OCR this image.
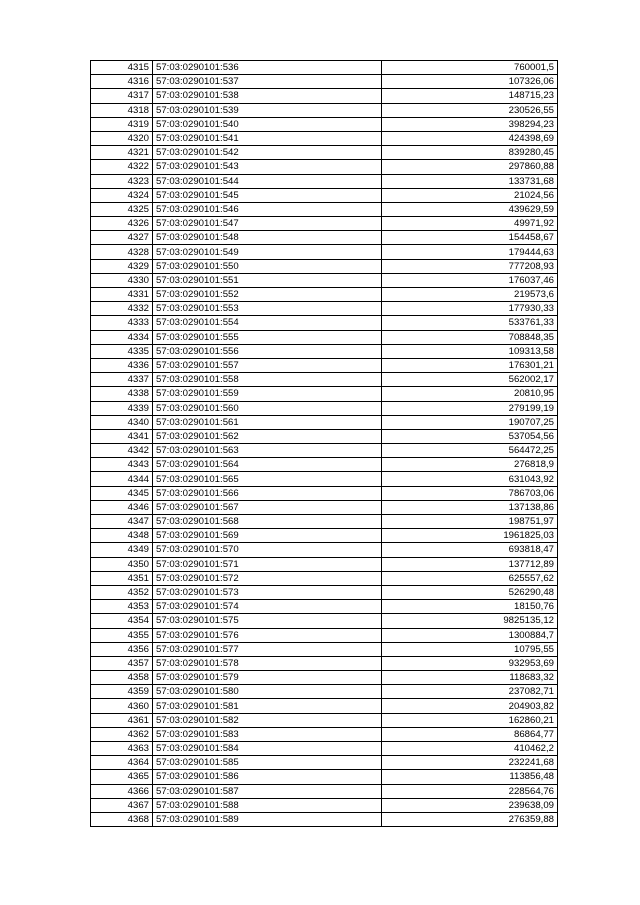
4315	57:03:0290101:536	760001,5
4316	57:03:0290101:537	107326,06
4317	57:03:0290101:538	148715,23
4318	57:03:0290101:539	230526,55
4319	57:03:0290101:540	398294,23
4320	57:03:0290101:541	424398,69
4321	57:03:0290101:542	839280,45
4322	57:03:0290101:543	297860,88
4323	57:03:0290101:544	133731,68
4324	57:03:0290101:545	21024,56
4325	57:03:0290101:546	439629,59
4326	57:03:0290101:547	49971,92
4327	57:03:0290101:548	154458,67
4328	57:03:0290101:549	179444,63
4329	57:03:0290101:550	777208,93
4330	57:03:0290101:551	176037,46
4331	57:03:0290101:552	219573,6
4332	57:03:0290101:553	177930,33
4333	57:03:0290101:554	533761,33
4334	57:03:0290101:555	708848,35
4335	57:03:0290101:556	109313,58
4336	57:03:0290101:557	176301,21
4337	57:03:0290101:558	562002,17
4338	57:03:0290101:559	20810,95
4339	57:03:0290101:560	279199,19
4340	57:03:0290101:561	190707,25
4341	57:03:0290101:562	537054,56
4342	57:03:0290101:563	564472,25
4343	57:03:0290101:564	276818,9
4344	57:03:0290101:565	631043,92
4345	57:03:0290101:566	786703,06
4346	57:03:0290101:567	137138,86
4347	57:03:0290101:568	198751,97
4348	57:03:0290101:569	1961825,03
4349	57:03:0290101:570	693818,47
4350	57:03:0290101:571	137712,89
4351	57:03:0290101:572	625557,62
4352	57:03:0290101:573	526290,48
4353	57:03:0290101:574	18150,76
4354	57:03:0290101:575	9825135,12
4355	57:03:0290101:576	1300884,7
4356	57:03:0290101:577	10795,55
4357	57:03:0290101:578	932953,69
4358	57:03:0290101:579	118683,32
4359	57:03:0290101:580	237082,71
4360	57:03:0290101:581	204903,82
4361	57:03:0290101:582	162860,21
4362	57:03:0290101:583	86864,77
4363	57:03:0290101:584	410462,2
4364	57:03:0290101:585	232241,68
4365	57:03:0290101:586	113856,48
4366	57:03:0290101:587	228564,76
4367	57:03:0290101:588	239638,09
4368	57:03:0290101:589	276359,88
